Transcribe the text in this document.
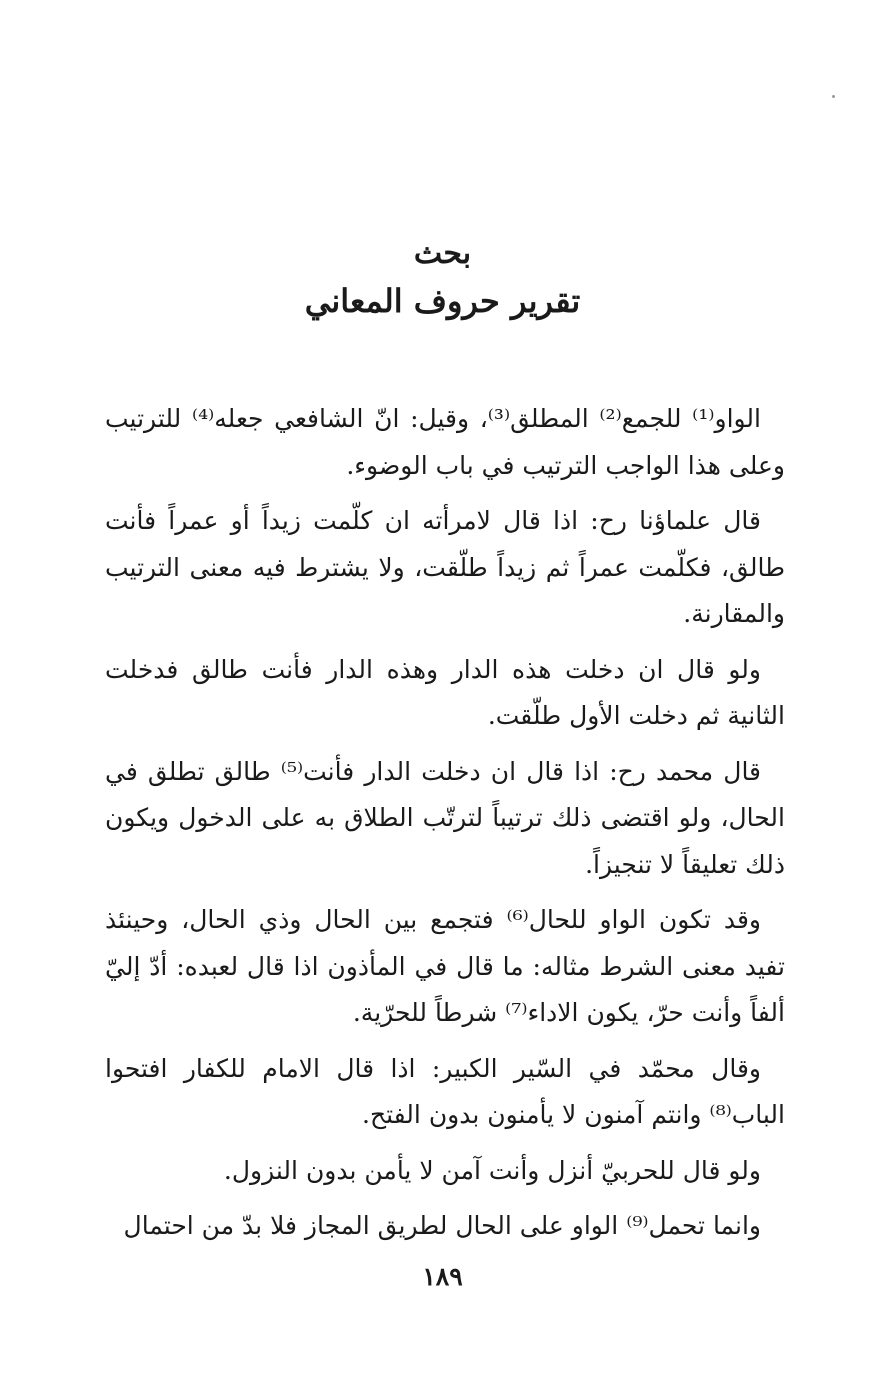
بحث
تقرير حروف المعاني

الواو⁽¹⁾ للجمع⁽²⁾ المطلق⁽³⁾، وقيل: انّ الشافعي جعله⁽⁴⁾ للترتيب وعلى هذا الواجب الترتيب في باب الوضوء.

قال علماؤنا رح: اذا قال لامرأته ان كلّمت زيداً أو عمراً فأنت طالق، فكلّمت عمراً ثم زيداً طلّقت، ولا يشترط فيه معنى الترتيب والمقارنة.

ولو قال ان دخلت هذه الدار وهذه الدار فأنت طالق فدخلت الثانية ثم دخلت الأول طلّقت.

قال محمد رح: اذا قال ان دخلت الدار فأنت⁽⁵⁾ طالق تطلق في الحال، ولو اقتضى ذلك ترتيباً لترتّب الطلاق به على الدخول ويكون ذلك تعليقاً لا تنجيزاً.

وقد تكون الواو للحال⁽⁶⁾ فتجمع بين الحال وذي الحال، وحينئذ تفيد معنى الشرط مثاله: ما قال في المأذون اذا قال لعبده: أدّ إليّ ألفاً وأنت حرّ، يكون الاداء⁽⁷⁾ شرطاً للحرّية.

وقال محمّد في السّير الكبير: اذا قال الامام للكفار افتحوا الباب⁽⁸⁾ وانتم آمنون لا يأمنون بدون الفتح.

ولو قال للحربيّ أنزل وأنت آمن لا يأمن بدون النزول.

وانما تحمل⁽⁹⁾ الواو على الحال لطريق المجاز فلا بدّ من احتمال

١٨٩
